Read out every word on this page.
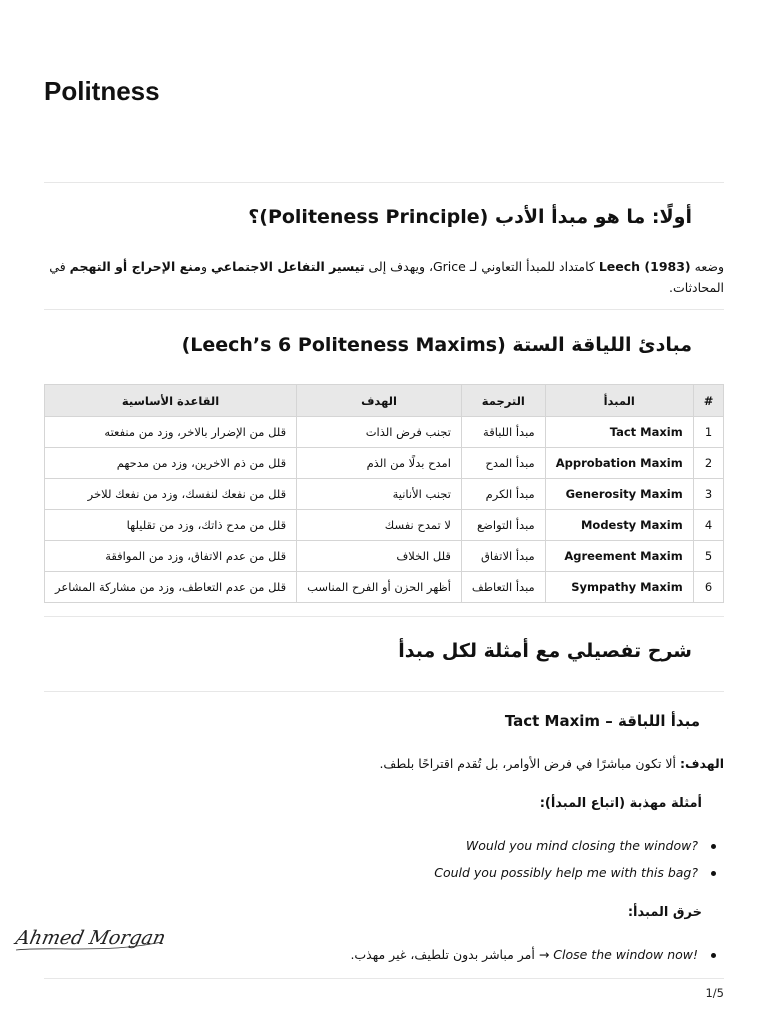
Politness
أولًا: ما هو مبدأ الأدب (Politeness Principle)؟

وضعه Leech (1983) كامتداد للمبدأ التعاوني لـ Grice، ويهدف إلى تيسير التفاعل الاجتماعي ومنع الإحراج أو التهجم في المحادثات.

مبادئ اللياقة الستة (Leech’s 6 Politeness Maxims)
#	المبدأ	الترجمة	الهدف	القاعدة الأساسية
1	Tact Maxim	مبدأ اللباقة	تجنب فرض الذات	قلل من الإضرار بالاخر، وزد من منفعته
2	Approbation Maxim	مبدأ المدح	امدح بدلًا من الذم	قلل من ذم الاخرين، وزد من مدحهم
3	Generosity Maxim	مبدأ الكرم	تجنب الأنانية	قلل من نفعك لنفسك، وزد من نفعك للاخر
4	Modesty Maxim	مبدأ التواضع	لا تمدح نفسك	قلل من مدح ذاتك، وزد من تقليلها
5	Agreement Maxim	مبدأ الاتفاق	قلل الخلاف	قلل من عدم الاتفاق، وزد من الموافقة
6	Sympathy Maxim	مبدأ التعاطف	أظهر الحزن أو الفرح المناسب	قلل من عدم التعاطف، وزد من مشاركة المشاعر
شرح تفصيلي مع أمثلة لكل مبدأ
Tact Maxim – مبدأ اللباقة

الهدف: ألا تكون مباشرًا في فرض الأوامر، بل تُقدم اقتراحًا بلطف.

أمثلة مهذبة (اتباع المبدأ):
Would you mind closing the window?
Could you possibly help me with this bag?
خرق المبدأ:
Close the window now! → أمر مباشر بدون تلطيف، غير مهذب.
Ahmed Morgan
1/5
